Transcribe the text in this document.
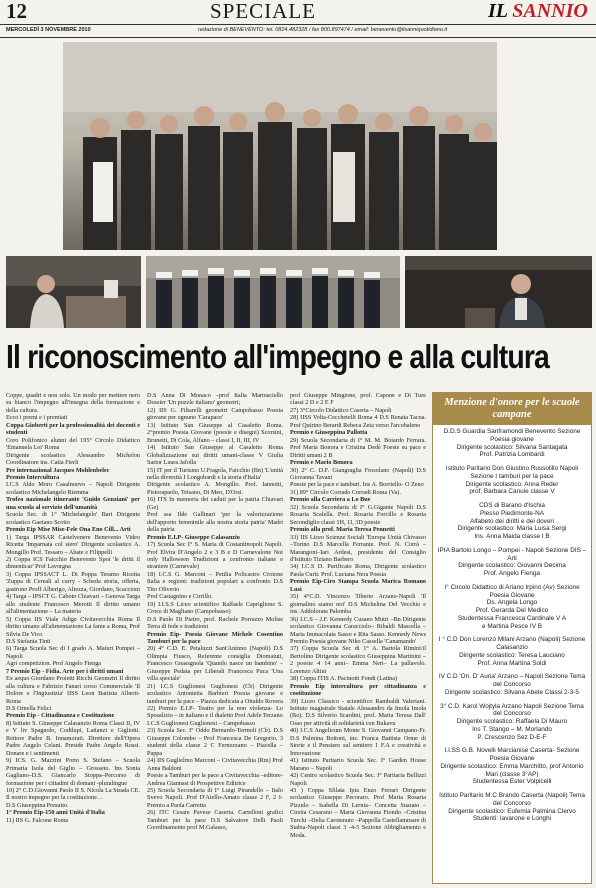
12	SPECIALE	IL SANNIO
MERCOLEDÌ 3 NOVEMBRE 2010	redazione di BENEVENTO: tel. 0824.482328 / fax 800.897474 / email: benevento@ilsanniquotidiano.it
Il riconoscimento all'impegno e alla cultura

Coppe, quadri e non solo. Un modo per mettere nero su bianco l'impegno all'insegna della formazione e della cultura.

Ecco i premi e i premiati

Coppa Gioberti per la professionalità dei docenti e studenti

Coro Polifonico alunni del 195° Circolo Didattico 'Emanuela Loi' Roma

Dirigente scolastico Alessandro Michelon Coordinatore ins. Catia Fierli

Pre internazional Jacques Mohlenbelec

Premio Intercultura

I.C.S Aldo Moro Casalnuovo – Napoli Dirigente scolastico Michelangelo Riemma

Trofeo nazionale itinerante 'Guido Genziani' per una scuola al servizio dell'umanità

Scuola Sec. di 1° 'Michelangelo' Bari Dirigente scolastico Gaetano Scotto

Premio Eip Mise Mise-Fele Ona Eno Cill... Arti

1) Targa IPSSAR Castelvenere Benevento Video Ricetta 'Imparnata col siero' Dirigente scolastico A. Mongillo Prof. Tessaro – Abate e Filippelli

2) Coppa ICS Faicchio Benevento Spot 'le dritti il dimenticar' Prof Lavorgna

3) Coppa IPSSACT L. Di Poppa Teramo Ricetta 'Zuppa di Cereali al curry - Scheda storia, offerta, gastrono Proff Alberigo, Altezza, Giordano, Scaccioni

4) Targa – IPSCT G. Caboto Chiavari – Genova Targa allo studente Francesco Merotti Il diritto umano all'alimentazione – La materia

5) Coppa IIS Viale Adige Civitavecchia Roma Il diritto umano all'alimentazione La fame a Roma, Prof Silvia De Vico

D.S Stefania Tinti

6) Targa Scuola Sec di I grado A. Maiuri Pompei – Napoli

Agri competizion. Prof Angelo Fienga

7 Premio Eip - Fidia. Arte per i diritti umani

Ex aequo Giordano Proietti Ricchi Geometri Il diritto alla cultura e Fabrizio Fanari corso Commerciale 'Il Dolore e l'Ingiustizia' IISS Leon Battista Alberti-Roma

D.S Ornella Felici

Premio Eip - Cittadinanza e Costituzione

8) Istituto S. Giuseppe Calasanzio Roma Classi II, IV e V liv Spagnolo, Codilupi, Lattanzi e Gigliotti. Rettore Padre B. Innamorati. Direttore dell'Opera Padre Angelo Celani. Preside Padre Angelo Rossi. Donare e i sentimenti

9) ICS. G. Mazzini Porto S. Stefano – Scuola Primaria Isola del Giglio – Grosseto. Ins Sonia Gagliano–D.S. Giancarlo Stoppa–Percorso di formazione per i cittadini di domani -pluralingue

10) 2° C.D.Giovanni Paolo II S. Nicola La Strada CE. Il nostro impegno per la costituzione…

D.S Giuseppina Presutto.

1° Premio Eip-150 anni Unità d'Italia

11) IIS G. Falcone Roma

D.S Anna Di Monaco –prof Italia Martusciello Dossier 'Un puzzle italiano' geometri;

12) IIS G. Filtarelli geometri Campobasso Poesia giovane per ognuno 'Carapace'

13) Istituto San Giuseppe al Casaletto Roma. 2°premio Poesia Giovane (poesie e disegni) Scorsini, Brunetti, Di Cola, Alfano – classi I, II, III, IV

14) Istituto San Giuseppe al Casaletto Roma Globalizzazione sui diritti umani-classe V Giulia Sartor Laura Jafolla

15) IT per il Turismo U.Fragola, Faicchio (Bn) 'L'unità nella diversità I Longobardi e la storia d'Italia'

Dirigente scolastico A. Mongillo. Prof. Iannotti, Pistorapaolo, Teisano, Di Meo, D'Orsi.

16) ITS In memoria dei caduti per la patria Chiavari (Ge)

Prof ssa Ilde Gallinari 'per la valorizzazione dell'apporto femminile alla nostra storia patria' Madri della patria

Premio E.I.P- Giuseppe Calasanzio

17) Scuola Sec I° S. Maria di Costantinopoli Napoli. Prof Elvira D'Angelo 2 e 3 B e D Carnevalone Not only Halloween Tradizioni a confronto italiane e straniere (Carnevale)

18) I.C.S G. Marconi – Petilia Policastro Crotone Italia e regioni: tradizioni popolari a confronto D.S Tito Oliverio

Prof Castagnino e Cirrillo.

19) I.I.S.S Liceo scientifico Raffaele Capriglione S. Croce di Magliano (Campobasso)

D.S Paolo Di Pietro, prof. Rachele Porrazzo Molise Terra di fede e tradizioni

Premio Eip- Poesia Giovane Michele Cosentino Tamburi per la pace

20) 4° C.D. E. Petaluzzi Sant'Antimo (Napoli) D.S Olimpia Fiusco, Referente consiglia Diomaiuti, Francesco Gnassgnola 'Quando nasce un bambino' – Giuseppe Pedata per Liberali Francesca Puca 'Una villa speciale'

21) I.C.S Guglionesi Guglionesi (Cb) Dirigente scolastico Antonietta Barbieri Poesia giovane e tamburi per la pace – Piazza dedicata a Ottaldo Rovera

22) Premio E.I.P- Teatro per la non violenza- Lo Sposalizio – in italiano e il dialetto Prof Adele Terzano

I.C.S Guglionesi Guglionesi – Campobasso

23) Scuola Sec. I° Oddo Bernardo-Termoli (Cb). D.S Giuseppe Colombo – Prof Francesca De Gregorio. 3 studenti della classe 2 C Fernezzano – Piacella – Pappa

24) IIS Guglielmo Marconi – Civitavecchia (Rm) Prof Anna Baldoni

Poesie a Tamburi per la pace a Civitavecchia –editore- Andrea Giannasi di Prospettive Editrice

25) Scuola Secondaria di I° Luigi Pirandello – Italo Svevo Napoli. Prof D'Aiello-Amato classe 2 F, 2 I-Premio a Paola Carretta

26) ITC Cesare Pavese Caserta. Cartelloni grafici Tamburi per la pace D.S Salvatore Delli Paoli Coordinamento prof M.Galasso,

prof Giuseppe Mingione, prof. Capone e Di Ture classi 2 D e 2 E F

27) 3°Circolo Didattico Caserta – Napoli

28) IISS Volta-Cecchetelli Roma 4 D.S Renata Tacua. Prof Quirino Berardi Rebeca Zeta verso l'arcobaleno

Premio e Giuseppina Pallotta

29) Scuola Secondaria di I° M. M. Boiardo Ferrara. Prof Maria Bonora e Cristina Dedè Poesie su pace e Diritti umani 2 B

Premio e Mario Bonora

30) 2° C. D.F. Giangraglia Frosolano (Napoli) D.S Giovanna Tavani

Poesie per la pace e tamburi. Ins A. Borriello- O Zeno

31) 89° Circolo Corrado Corradi Roma (Va).

Premio alla Carriera a Lo Bue

32) Scuola Secondaria di I° G.Gigante Napoli D.S Rosaria Scalella. Prof. Rosaria Forcillo e Rosaria Secondiglio classi 1H, 1I, 3D poesie

Premio alla prof. Maria Teresa Pennetti

33) IIS Liceo Scienze Sociali 'Europa Unità Chivasso –Torino D.S Marcella Ferrante. Prof. N. Corrà –Marangoni–Iari Ardesi, presidente del Consiglio d'Istituto Tiziano Barbero

34) I.C.S D. Purificato Roma, Dirigente scolastico Paola Curti. Prof. Luciana Nera Poesia

Premio Eip-Ciro Stampa Scuola Marica Romano Lusi

35) 4°C.D. Vincenzo Tiberio Arzano-Napoli 'Il giornalino siamo noi' D.S Michelina Del Vecchio e ins. Addolorata Palomba

36) I.C.S – J.F. Kennedy Cusano Mutri –Bn Dirigente scolastico Giovanna Caracciolo– Ribaldi Mascella –Maria Immacolata Sasso e Rita Sasso. Kennedy News Premio Poesia giovane Niko Cassella 'Canamando'

37) Coppa Scuola Sec di 1° A. Bartola Rimini/il Bertolino Dirigente scolastico Giuseppina Martinini – 2 poesie 4 14 anni– Emma Neri– La pallavolo. Lorenzo Altini

38) Coppa ITIS A. Pacinotti Fondi (Latina)

Premio Eip intercultura per cittadinanza e costituzione

39) Liceo Classico - scientifico Rambaldi Valeriani. Istituto magistrale Statale Alessandro da Imola Imola (Bo). D.S Silverio Scardini, prof. Maria Teresa Dall' Osso per attività di solidarietà con Bukavu

40) I.C.S Angelicum Monte S. Giovanni Campano-Fr. D.S Palmina Bottoni, ins. Franca Battista Orme di Storie e il Pensiero sul sentiero 1 F.A e creatività e Innovazione

41) Istituto Paritario Scuola Sec. I° Garden House Marano – Napoli

42) Centro scolastico Scuola Sec. I° Paritaria Bellizzi Napoli

43 ) Coppa Sfilata Ipia Enzo Ferrari Dirigente scolastico Giuseppe Pecoraro. Prof Maria Rosaria Pizzulo – Isabella Di Lernia– Concetta Suarato – Cirstia Cesarano – Maria Giovanna Fiondo –Cristina Turchi –Delia Carotenuto –Pappolla Castellammare di Stabia-Napoli classi 3 -4-5 Sezione Abbigliamento e Moda.

Menzione d'onore per le scuole campane
D.D.S Guardia Sanframondi Benevento Sezione Poesia giovane
Dirigente scolastico: Silvana Santagata
Prof. Patrizia Lombardi
Istituto Paritario Don Giustino Russolillo Napoli Sezione I tamburi per la pace
Dirigente scolastico: Anna Reder
prof. Barbara Canuie classe V
CDS di Barano d'Ischia
Plesso Piedimonte-NA
Alfabeto dei diritti e dei doveri
Dirigente scolastico: Maria Luisa Sergi
Ins. Anna Maida classe I B
IPIA Bartolo Longo – Pompei - Napoli Sezione DIS – Arti
Dirigente scolastico: Giovanni Decima
Prof. Angelo Fienga
I° Circolo Didattico di Ariano Irpino (Av) Sezione Poesia Giovane
Ds. Angela Longo
Prof. Gerarda Del Medico
Studentessa Francesca Cardinale V A
e Martina Pesce IV B
I ° C.D Don Lorenzo Milani Arzano (Napoli) Sezione Calasanzio
Dirigente scolastico: Teresa Lauciano
Prof. Anna Martina Soldi
IV C.D 'On. D' Auria' Arzano – Napoli Sezione Tema del Concorso
Dirigente scolastico: Silvana Abete Classi 2-3-5
3° C.D. Karol Wojtyla Arzano Napoli Sezione Tema del Concorso
Dirigente scolastico: Raffaela Di Mauro
Ins T. Stango – M. Morlando
P. Crescenzo Sez D-E-F
I.I.SS G.B. Novelli Marcianise Caserta- Sezione Poesia Giovane
Dirigente scolastico: Emma Marchitto, prof Antonio Mari (classe 3°AP)
Studentessa Ester Volpicelli
Istituto Paritario M.C Brando Caserta (Napoli) Tema del Concorso
Dirigente scolastico: Eufemia Palmina Clervo
Studenti: Iavarone e Longhi
